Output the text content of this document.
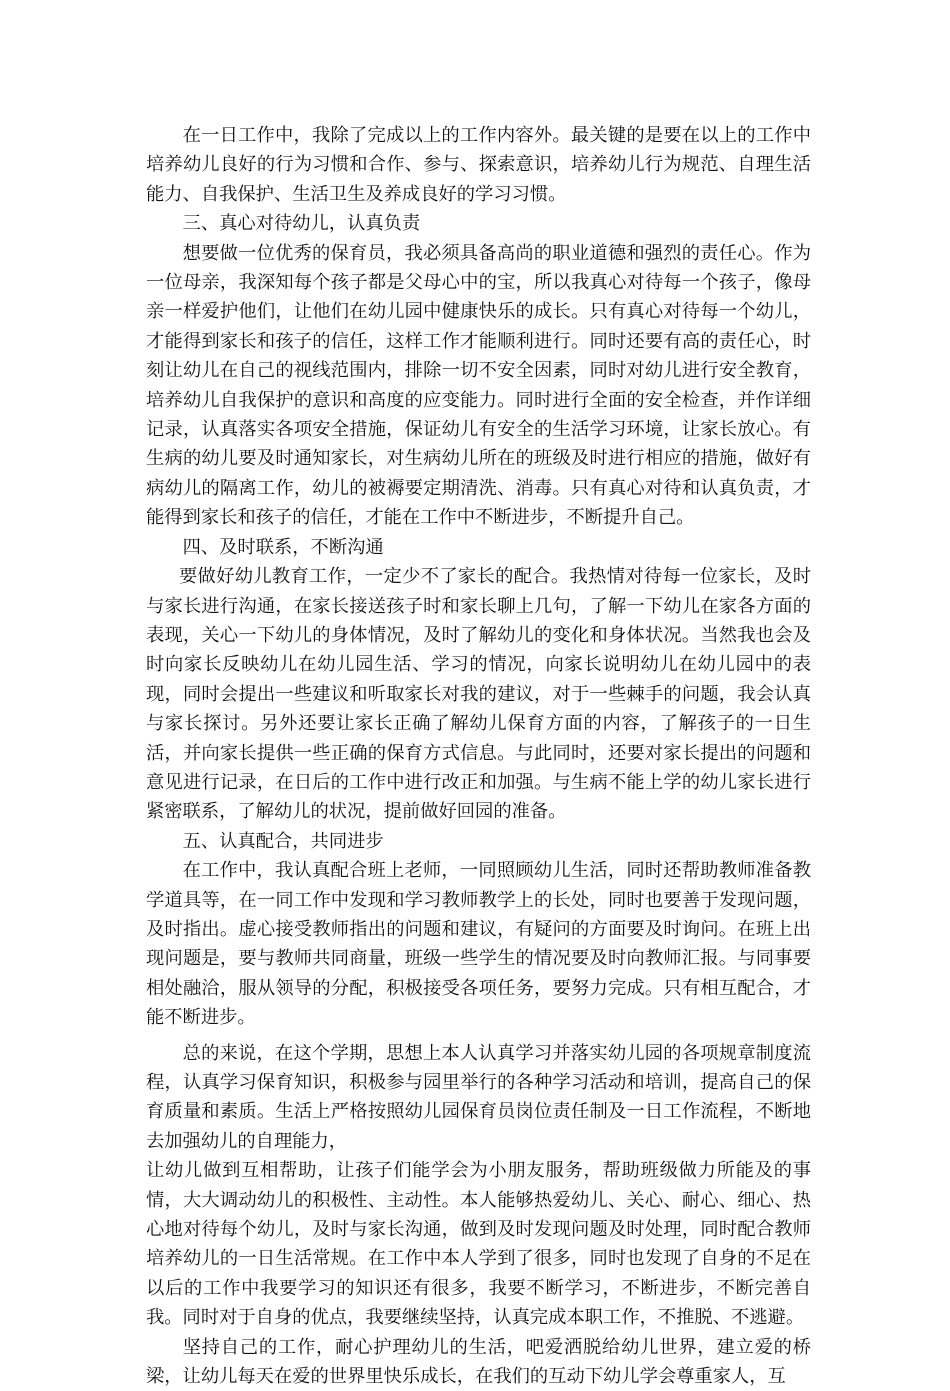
在一日工作中，我除了完成以上的工作内容外。最关键的是要在以上的工作中培养幼儿良好的行为习惯和合作、参与、探索意识，培养幼儿行为规范、自理生活能力、自我保护、生活卫生及养成良好的学习习惯。

三、真心对待幼儿，认真负责

想要做一位优秀的保育员，我必须具备高尚的职业道德和强烈的责任心。作为一位母亲，我深知每个孩子都是父母心中的宝，所以我真心对待每一个孩子，像母亲一样爱护他们，让他们在幼儿园中健康快乐的成长。只有真心对待每一个幼儿，才能得到家长和孩子的信任，这样工作才能顺利进行。同时还要有高的责任心，时刻让幼儿在自己的视线范围内，排除一切不安全因素，同时对幼儿进行安全教育，培养幼儿自我保护的意识和高度的应变能力。同时进行全面的安全检查，并作详细记录，认真落实各项安全措施，保证幼儿有安全的生活学习环境，让家长放心。有生病的幼儿要及时通知家长，对生病幼儿所在的班级及时进行相应的措施，做好有病幼儿的隔离工作，幼儿的被褥要定期清洗、消毒。只有真心对待和认真负责，才能得到家长和孩子的信任，才能在工作中不断进步，不断提升自己。

四、及时联系，不断沟通

要做好幼儿教育工作，一定少不了家长的配合。我热情对待每一位家长，及时与家长进行沟通，在家长接送孩子时和家长聊上几句，了解一下幼儿在家各方面的表现，关心一下幼儿的身体情况，及时了解幼儿的变化和身体状况。当然我也会及时向家长反映幼儿在幼儿园生活、学习的情况，向家长说明幼儿在幼儿园中的表现，同时会提出一些建议和听取家长对我的建议，对于一些棘手的问题，我会认真与家长探讨。另外还要让家长正确了解幼儿保育方面的内容，了解孩子的一日生活，并向家长提供一些正确的保育方式信息。与此同时，还要对家长提出的问题和意见进行记录，在日后的工作中进行改正和加强。与生病不能上学的幼儿家长进行紧密联系，了解幼儿的状况，提前做好回园的准备。

五、认真配合，共同进步

在工作中，我认真配合班上老师，一同照顾幼儿生活，同时还帮助教师准备教学道具等，在一同工作中发现和学习教师教学上的长处，同时也要善于发现问题，及时指出。虚心接受教师指出的问题和建议，有疑问的方面要及时询问。在班上出现问题是，要与教师共同商量，班级一些学生的情况要及时向教师汇报。与同事要相处融洽，服从领导的分配，积极接受各项任务，要努力完成。只有相互配合，才能不断进步。

总的来说，在这个学期，思想上本人认真学习并落实幼儿园的各项规章制度流程，认真学习保育知识，积极参与园里举行的各种学习活动和培训，提高自己的保育质量和素质。生活上严格按照幼儿园保育员岗位责任制及一日工作流程，不断地去加强幼儿的自理能力，

让幼儿做到互相帮助，让孩子们能学会为小朋友服务，帮助班级做力所能及的事情，大大调动幼儿的积极性、主动性。本人能够热爱幼儿、关心、耐心、细心、热心地对待每个幼儿，及时与家长沟通，做到及时发现问题及时处理，同时配合教师培养幼儿的一日生活常规。在工作中本人学到了很多，同时也发现了自身的不足在以后的工作中我要学习的知识还有很多，我要不断学习，不断进步，不断完善自我。同时对于自身的优点，我要继续坚持，认真完成本职工作，不推脱、不逃避。

坚持自己的工作，耐心护理幼儿的生活，吧爱洒脱给幼儿世界，建立爱的桥梁，让幼儿每天在爱的世界里快乐成长，在我们的互动下幼儿学会尊重家人，互
